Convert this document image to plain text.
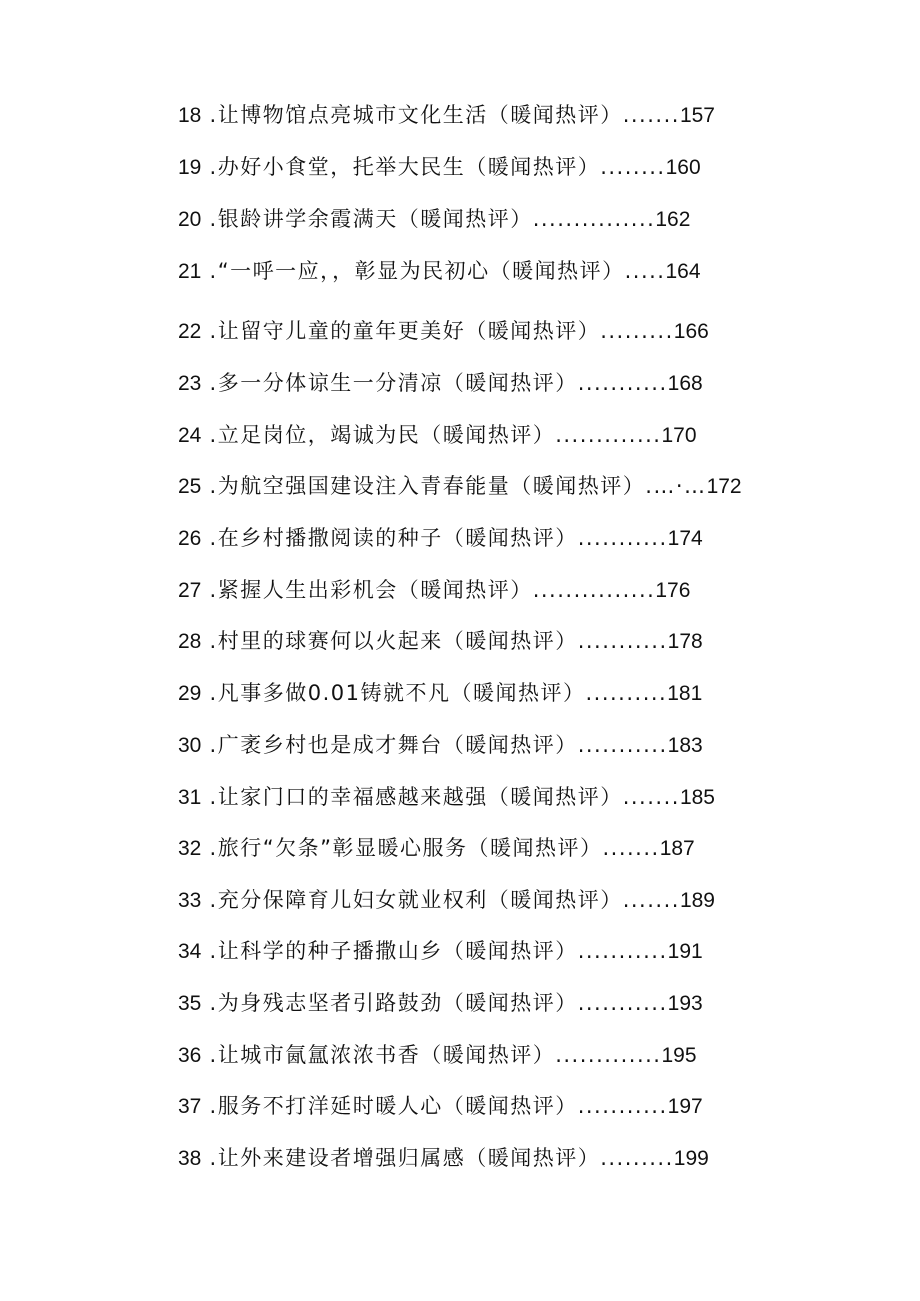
18 .让博物馆点亮城市文化生活（暖闻热评）.......157
19 .办好小食堂，托举大民生（暖闻热评）........160
20 .银龄讲学余霞满天（暖闻热评）...............162
21 .“一呼一应，，彰显为民初心（暖闻热评）.....164
22 .让留守儿童的童年更美好（暖闻热评）.........166
23 .多一分体谅生一分清凉（暖闻热评）...........168
24 .立足岗位，竭诚为民（暖闻热评）.............170
25 .为航空强国建设注入青春能量（暖闻热评）.…·…172
26 .在乡村播撒阅读的种子（暖闻热评）...........174
27 .紧握人生出彩机会（暖闻热评）...............176
28 .村里的球赛何以火起来（暖闻热评）...........178
29 .凡事多做0.01铸就不凡（暖闻热评）..........181
30 .广袤乡村也是成才舞台（暖闻热评）...........183
31 .让家门口的幸福感越来越强（暖闻热评）.......185
32 .旅行“欠条”彰显暖心服务（暖闻热评）.......187
33 .充分保障育儿妇女就业权利（暖闻热评）.......189
34 .让科学的种子播撒山乡（暖闻热评）...........191
35 .为身残志坚者引路鼓劲（暖闻热评）...........193
36 .让城市氤氲浓浓书香（暖闻热评）.............195
37 .服务不打洋延时暖人心（暖闻热评）...........197
38 .让外来建设者增强归属感（暖闻热评）.........199
